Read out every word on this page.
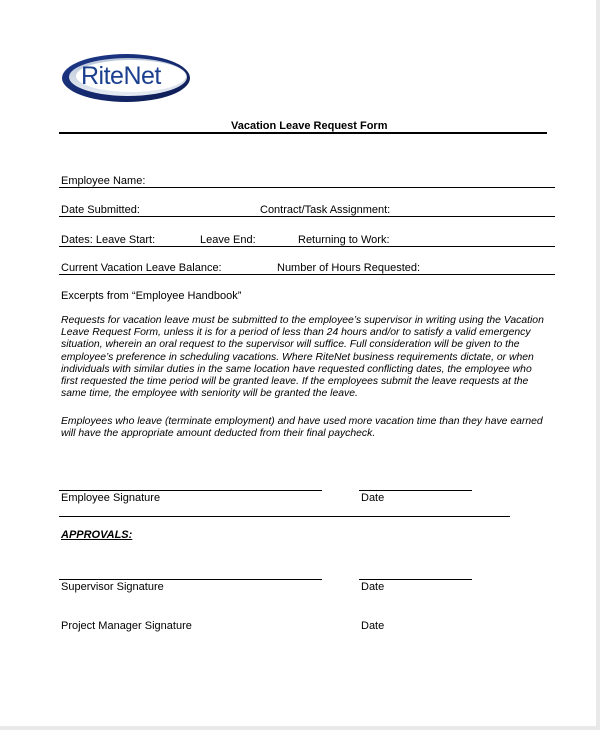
RiteNet
Vacation Leave Request Form
Employee Name:
Date Submitted:	Contract/Task Assignment:
Dates: Leave Start:	Leave End:	Returning to Work:
Current Vacation Leave Balance:	Number of Hours Requested:
Excerpts from “Employee Handbook”
Requests for vacation leave must be submitted to the employee’s supervisor in writing using the Vacation Leave Request Form, unless it is for a period of less than 24 hours and/or to satisfy a valid emergency situation, wherein an oral request to the supervisor will suffice. Full consideration will be given to the employee’s preference in scheduling vacations. Where RiteNet business requirements dictate, or when individuals with similar duties in the same location have requested conflicting dates, the employee who first requested the time period will be granted leave. If the employees submit the leave requests at the same time, the employee with seniority will be granted the leave.
Employees who leave (terminate employment) and have used more vacation time than they have earned will have the appropriate amount deducted from their final paycheck.
Employee Signature	Date
APPROVALS:
Supervisor Signature	Date
Project Manager Signature	Date
